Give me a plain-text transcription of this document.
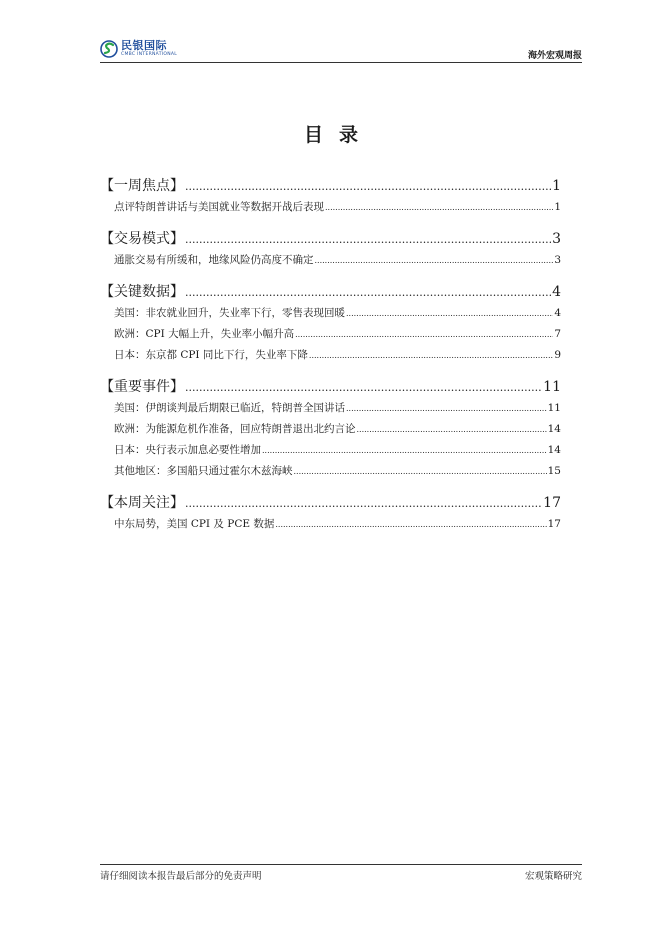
民银国际
CMBC INTERNATIONAL	海外宏观周报
目录
【一周焦点】 .....	1
点评特朗普讲话与美国就业等数据开战后表现 .....	1
【交易模式】 .....	3
通胀交易有所缓和，地缘风险仍高度不确定 .....	3
【关键数据】 .....	4
美国：非农就业回升，失业率下行，零售表现回暖 .....	4
欧洲：CPI 大幅上升，失业率小幅升高 .....	7
日本：东京都 CPI 同比下行，失业率下降 .....	9
【重要事件】 .....	11
美国：伊朗谈判最后期限已临近，特朗普全国讲话 .....	11
欧洲：为能源危机作准备，回应特朗普退出北约言论 .....	14
日本：央行表示加息必要性增加 .....	14
其他地区：多国船只通过霍尔木兹海峡 .....	15
【本周关注】 .....	17
中东局势，美国 CPI 及 PCE 数据 .....	17
请仔细阅读本报告最后部分的免责声明	宏观策略研究
